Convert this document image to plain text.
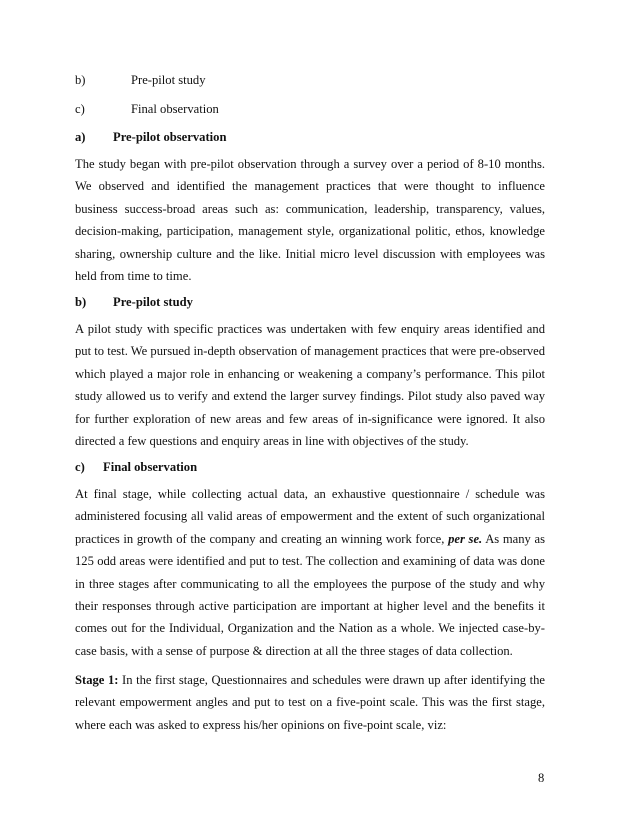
b)	Pre-pilot study
c)	Final observation
a) Pre-pilot observation
The study began with pre-pilot observation through a survey over a period of 8-10 months.
We observed and identified the management practices that were thought to influence
business success-broad areas such as: communication, leadership, transparency, values,
decision-making, participation, management style, organizational politic, ethos, knowledge
sharing, ownership culture and the like. Initial micro level discussion with employees was
held from time to time.
b) Pre-pilot study
A pilot study with specific practices was undertaken with few enquiry areas identified and
put to test. We pursued in-depth observation of management practices that were pre-observed
which played a major role in enhancing or weakening a company’s performance. This pilot
study allowed us to verify and extend the larger survey findings. Pilot study also paved way
for further exploration of new areas and few areas of in-significance were ignored. It also
directed a few questions and enquiry areas in line with objectives of the study.
c) Final observation
At final stage, while collecting actual data, an exhaustive questionnaire / schedule was
administered focusing all valid areas of empowerment and the extent of such organizational
practices in growth of the company and creating an winning work force, per se. As many as
125 odd areas were identified and put to test. The collection and examining of data was done
in three stages after communicating to all the employees the purpose of the study and why
their responses through active participation are important at higher level and the benefits it
comes out for the Individual, Organization and the Nation as a whole. We injected case-by-
case basis, with a sense of purpose & direction at all the three stages of data collection.
Stage 1: In the first stage, Questionnaires and schedules were drawn up after identifying the
relevant empowerment angles and put to test on a five-point scale. This was the first stage,
where each was asked to express his/her opinions on five-point scale, viz:
8
